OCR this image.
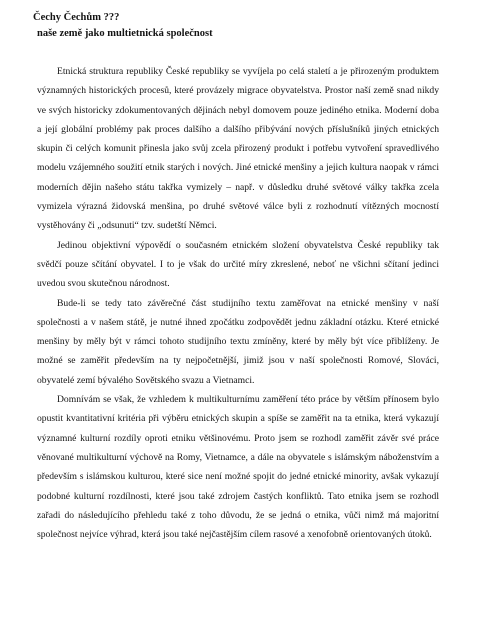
Čechy Čechům ???
naše země jako multietnická společnost

Etnická struktura republiky České republiky se vyvíjela po celá staletí a je přirozeným produktem významných historických procesů, které provázely migrace obyvatelstva. Prostor naší země snad nikdy ve svých historicky zdokumentovaných dějinách nebyl domovem pouze jediného etnika. Moderní doba a její globální problémy pak proces dalšího a dalšího přibývání nových příslušníků jiných etnických skupin či celých komunit přinesla jako svůj zcela přirozený produkt i potřebu vytvoření spravedlivého modelu vzájemného soužití etnik starých i nových. Jiné etnické menšiny a jejich kultura naopak v rámci moderních dějin našeho státu takřka vymizely – např. v důsledku druhé světové války takřka zcela vymizela výrazná židovská menšina, po druhé světové válce byli z rozhodnutí vítězných mocností vystěhovány či „odsunuti“ tzv. sudetští Němci.

Jedinou objektivní výpovědí o současném etnickém složení obyvatelstva České republiky tak svědčí pouze sčítání obyvatel. I to je však do určité míry zkreslené, neboť ne všichni sčítaní jedinci uvedou svou skutečnou národnost.

Bude-li se tedy tato závěrečné část studijního textu zaměřovat na etnické menšiny v naší společnosti a v našem státě, je nutné ihned zpočátku zodpovědět jednu základní otázku. Které etnické menšiny by měly být v rámci tohoto studijního textu zmíněny, které by měly být více přiblíženy. Je možné se zaměřit především na ty nejpočetnější, jimiž jsou v naší společnosti Romové, Slováci, obyvatelé zemí bývalého Sovětského svazu a Vietnamci.

Domnívám se však, že vzhledem k multikulturnímu zaměření této práce by větším přínosem bylo opustit kvantitativní kritéria při výběru etnických skupin a spíše se zaměřit na ta etnika, která vykazují významné kulturní rozdíly oproti etniku většinovému. Proto jsem se rozhodl zaměřit závěr své práce věnované multikulturní výchově na Romy, Vietnamce, a dále na obyvatele s islámským náboženstvím a především s islámskou kulturou, které sice není možné spojit do jedné etnické minority, avšak vykazují podobné kulturní rozdílnosti, které jsou také zdrojem častých konfliktů. Tato etnika jsem se rozhodl zařadi do následujícího přehledu také z toho důvodu, že se jedná o etnika, vůči nimž má majoritní společnost nejvíce výhrad, která jsou také nejčastějším cílem rasové a xenofobně orientovaných útoků.
